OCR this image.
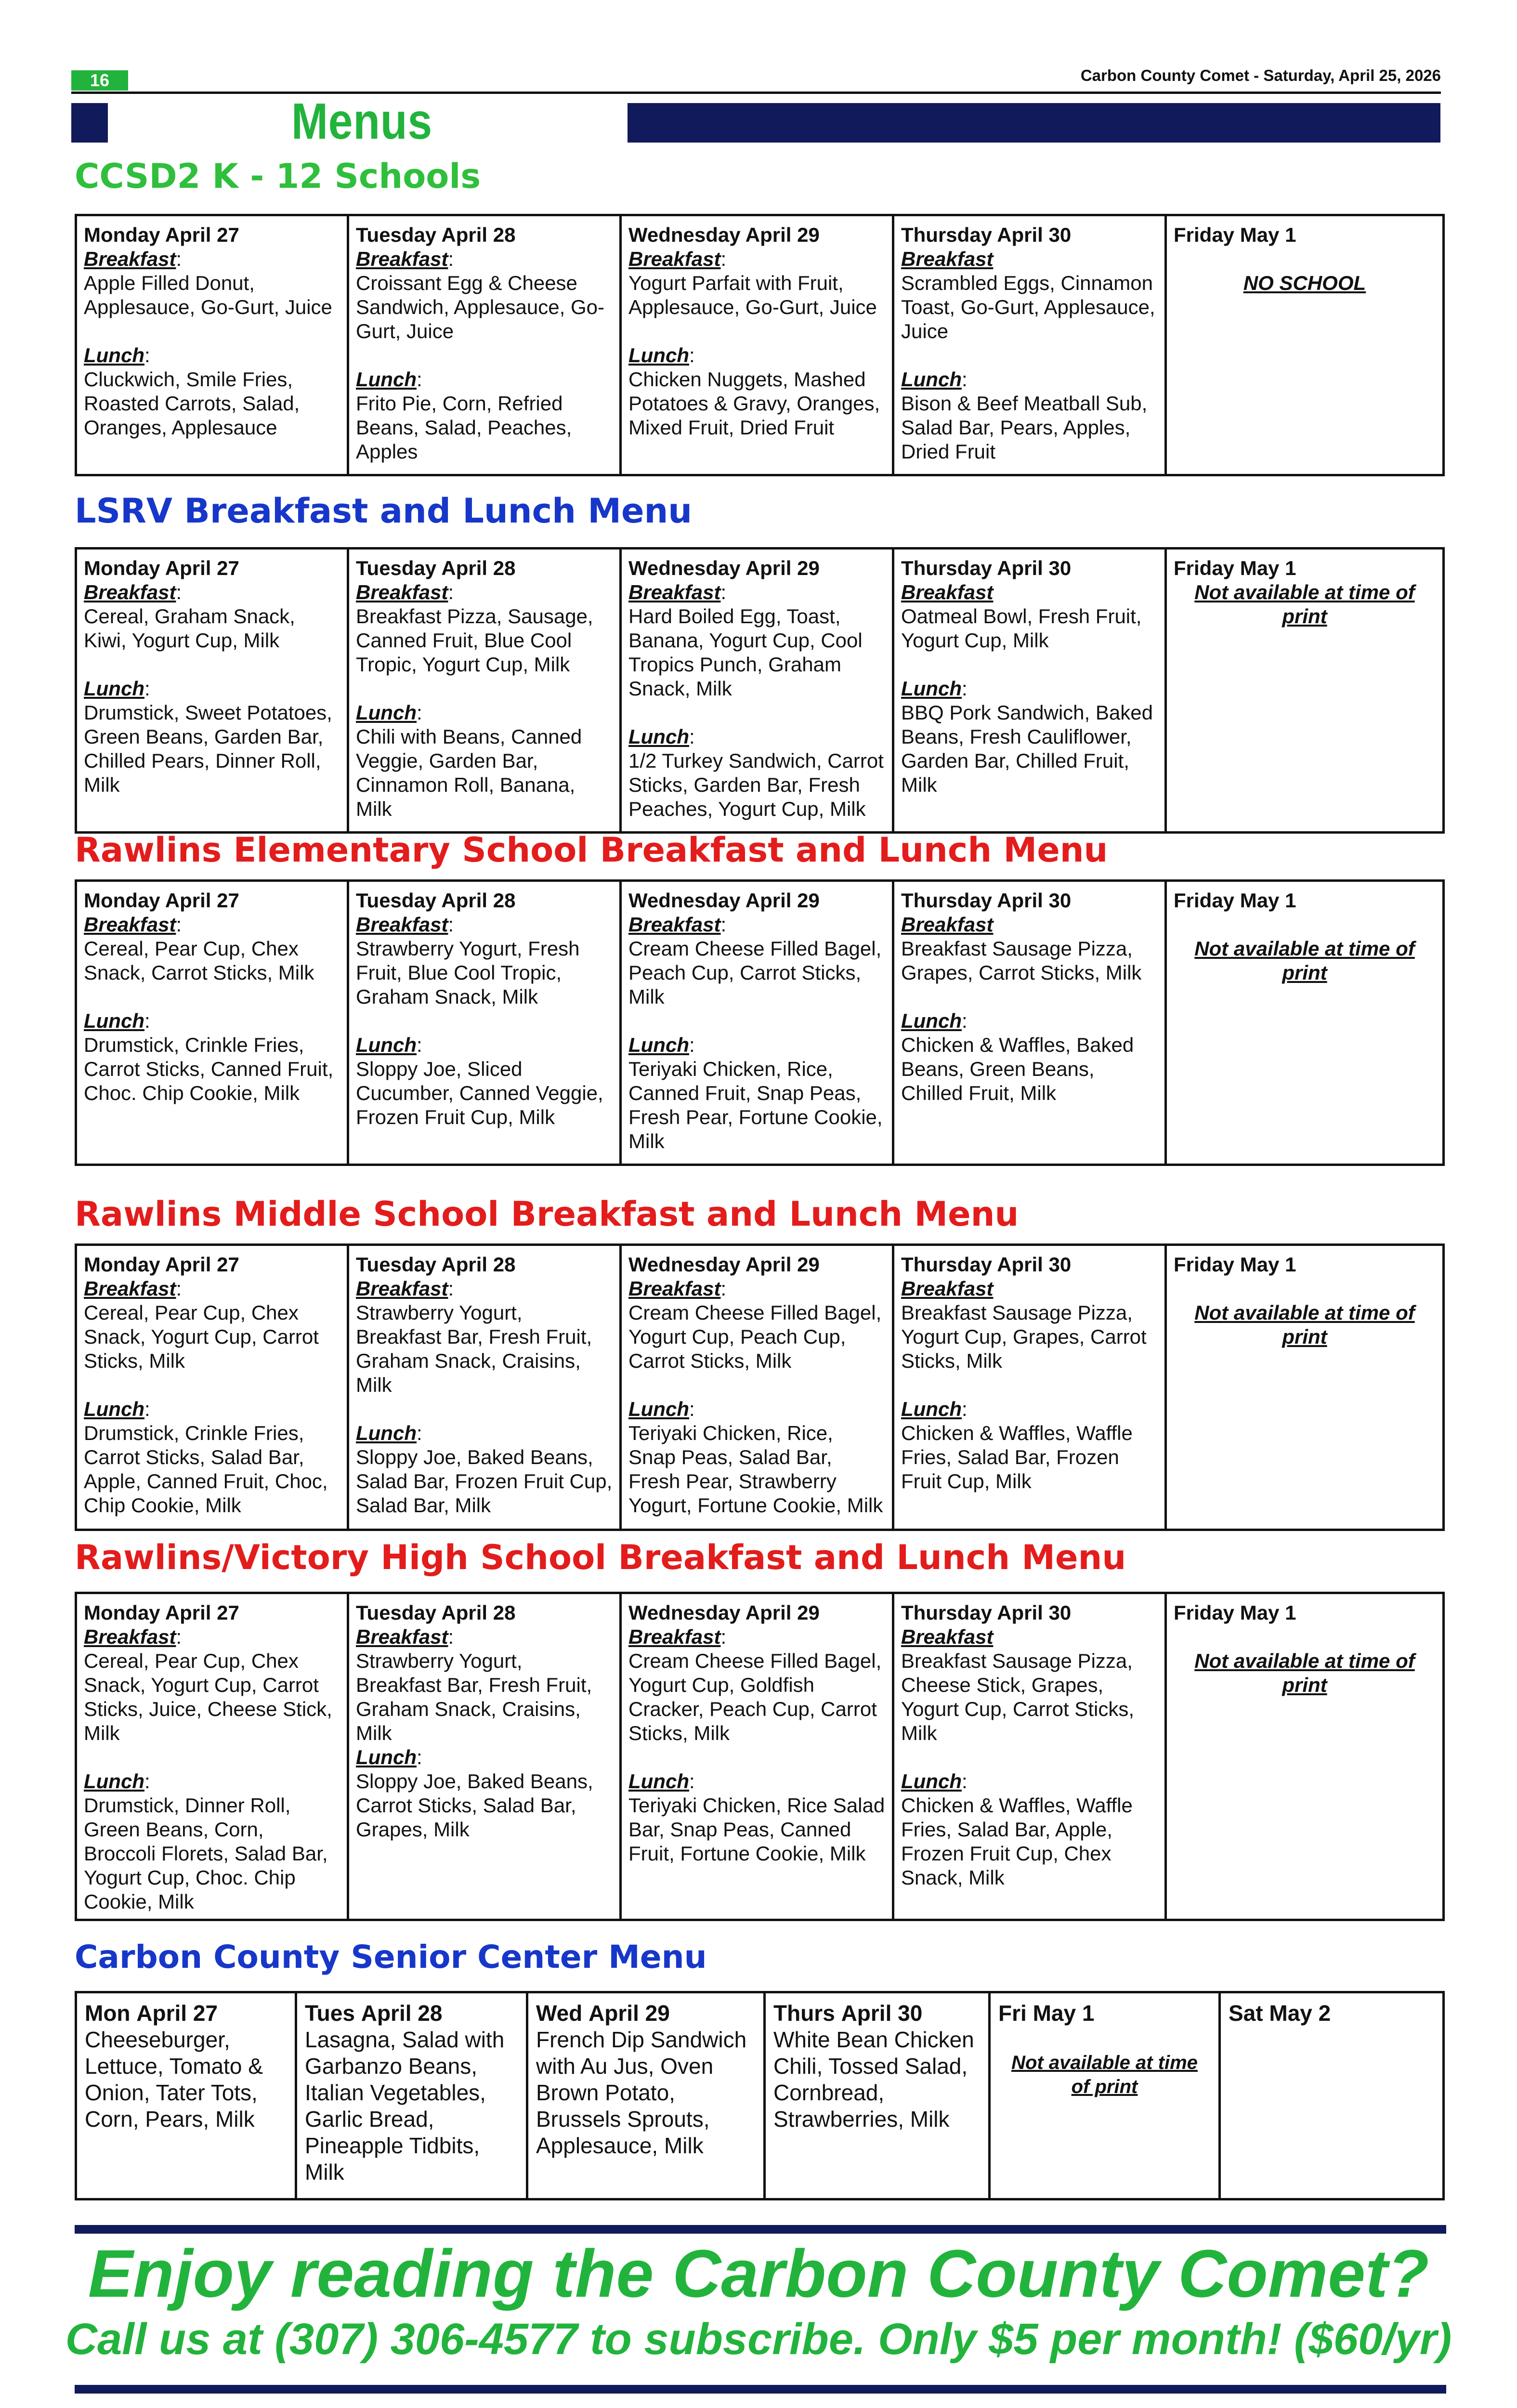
16	Carbon County Comet - Saturday, April 25, 2026
Menus
CCSD2 K - 12 Schools
Monday April 27
Breakfast:
Apple Filled Donut, Applesauce, Go-Gurt, Juice
Lunch:
Cluckwich, Smile Fries, Roasted Carrots, Salad, Oranges, Applesauce

Tuesday April 28
Breakfast:
Croissant Egg & Cheese Sandwich, Applesauce, Go-Gurt, Juice
Lunch:
Frito Pie, Corn, Refried Beans, Salad, Peaches, Apples

Wednesday April 29
Breakfast:
Yogurt Parfait with Fruit, Applesauce, Go-Gurt, Juice
Lunch:
Chicken Nuggets, Mashed Potatoes & Gravy, Oranges, Mixed Fruit, Dried Fruit

Thursday April 30
Breakfast
Scrambled Eggs, Cinnamon Toast, Go-Gurt, Applesauce, Juice
Lunch:
Bison & Beef Meatball Sub, Salad Bar, Pears, Apples, Dried Fruit

Friday May 1
NO SCHOOL
LSRV Breakfast and Lunch Menu
Monday April 27
Breakfast:
Cereal, Graham Snack, Kiwi, Yogurt Cup, Milk
Lunch:
Drumstick, Sweet Potatoes, Green Beans, Garden Bar, Chilled Pears, Dinner Roll, Milk

Tuesday April 28
Breakfast:
Breakfast Pizza, Sausage, Canned Fruit, Blue Cool Tropic, Yogurt Cup, Milk
Lunch:
Chili with Beans, Canned Veggie, Garden Bar, Cinnamon Roll, Banana, Milk

Wednesday April 29
Breakfast:
Hard Boiled Egg, Toast, Banana, Yogurt Cup, Cool Tropics Punch, Graham Snack, Milk
Lunch:
1/2 Turkey Sandwich, Carrot Sticks, Garden Bar, Fresh Peaches, Yogurt Cup, Milk

Thursday April 30
Breakfast
Oatmeal Bowl, Fresh Fruit, Yogurt Cup, Milk
Lunch:
BBQ Pork Sandwich, Baked Beans, Fresh Cauliflower, Garden Bar, Chilled Fruit, Milk

Friday May 1
Not available at time of print
Rawlins Elementary School Breakfast and Lunch Menu
Monday April 27
Breakfast:
Cereal, Pear Cup, Chex Snack, Carrot Sticks, Milk
Lunch:
Drumstick, Crinkle Fries, Carrot Sticks, Canned Fruit, Choc. Chip Cookie, Milk

Tuesday April 28
Breakfast:
Strawberry Yogurt, Fresh Fruit, Blue Cool Tropic, Graham Snack, Milk
Lunch:
Sloppy Joe, Sliced Cucumber, Canned Veggie, Frozen Fruit Cup, Milk

Wednesday April 29
Breakfast:
Cream Cheese Filled Bagel, Peach Cup, Carrot Sticks, Milk
Lunch:
Teriyaki Chicken, Rice, Canned Fruit, Snap Peas, Fresh Pear, Fortune Cookie, Milk

Thursday April 30
Breakfast
Breakfast Sausage Pizza, Grapes, Carrot Sticks, Milk
Lunch:
Chicken & Waffles, Baked Beans, Green Beans, Chilled Fruit, Milk

Friday May 1
Not available at time of print
Rawlins Middle School Breakfast and Lunch Menu
Monday April 27
Breakfast:
Cereal, Pear Cup, Chex Snack, Yogurt Cup, Carrot Sticks, Milk
Lunch:
Drumstick, Crinkle Fries, Carrot Sticks, Salad Bar, Apple, Canned Fruit, Choc, Chip Cookie, Milk

Tuesday April 28
Breakfast:
Strawberry Yogurt, Breakfast Bar, Fresh Fruit, Graham Snack, Craisins, Milk
Lunch:
Sloppy Joe, Baked Beans, Salad Bar, Frozen Fruit Cup, Salad Bar, Milk

Wednesday April 29
Breakfast:
Cream Cheese Filled Bagel, Yogurt Cup, Peach Cup, Carrot Sticks, Milk
Lunch:
Teriyaki Chicken, Rice, Snap Peas, Salad Bar, Fresh Pear, Strawberry Yogurt, Fortune Cookie, Milk

Thursday April 30
Breakfast
Breakfast Sausage Pizza, Yogurt Cup, Grapes, Carrot Sticks, Milk
Lunch:
Chicken & Waffles, Waffle Fries, Salad Bar, Frozen Fruit Cup, Milk

Friday May 1
Not available at time of print
Rawlins/Victory High School Breakfast and Lunch Menu
Monday April 27
Breakfast:
Cereal, Pear Cup, Chex Snack, Yogurt Cup, Carrot Sticks, Juice, Cheese Stick, Milk
Lunch:
Drumstick, Dinner Roll, Green Beans, Corn, Broccoli Florets, Salad Bar, Yogurt Cup, Choc. Chip Cookie, Milk

Tuesday April 28
Breakfast:
Strawberry Yogurt, Breakfast Bar, Fresh Fruit, Graham Snack, Craisins, Milk
Lunch:
Sloppy Joe, Baked Beans, Carrot Sticks, Salad Bar, Grapes, Milk

Wednesday April 29
Breakfast:
Cream Cheese Filled Bagel, Yogurt Cup, Goldfish Cracker, Peach Cup, Carrot Sticks, Milk
Lunch:
Teriyaki Chicken, Rice Salad Bar, Snap Peas, Canned Fruit, Fortune Cookie, Milk

Thursday April 30
Breakfast
Breakfast Sausage Pizza, Cheese Stick, Grapes, Yogurt Cup, Carrot Sticks, Milk
Lunch:
Chicken & Waffles, Waffle Fries, Salad Bar, Apple, Frozen Fruit Cup, Chex Snack, Milk

Friday May 1
Not available at time of print
Carbon County Senior Center Menu
Mon April 27
Cheeseburger, Lettuce, Tomato & Onion, Tater Tots, Corn, Pears, Milk
	Tues April 28
Lasagna, Salad with Garbanzo Beans, Italian Vegetables, Garlic Bread, Pineapple Tidbits, Milk
	Wed April 29
French Dip Sandwich with Au Jus, Oven Brown Potato, Brussels Sprouts, Applesauce, Milk
	Thurs April 30
White Bean Chicken Chili, Tossed Salad, Cornbread, Strawberries, Milk
	Fri May 1
Not available at time of print
	Sat May 2
Enjoy reading the Carbon County Comet?
Call us at (307) 306-4577 to subscribe. Only $5 per month! ($60/yr)
